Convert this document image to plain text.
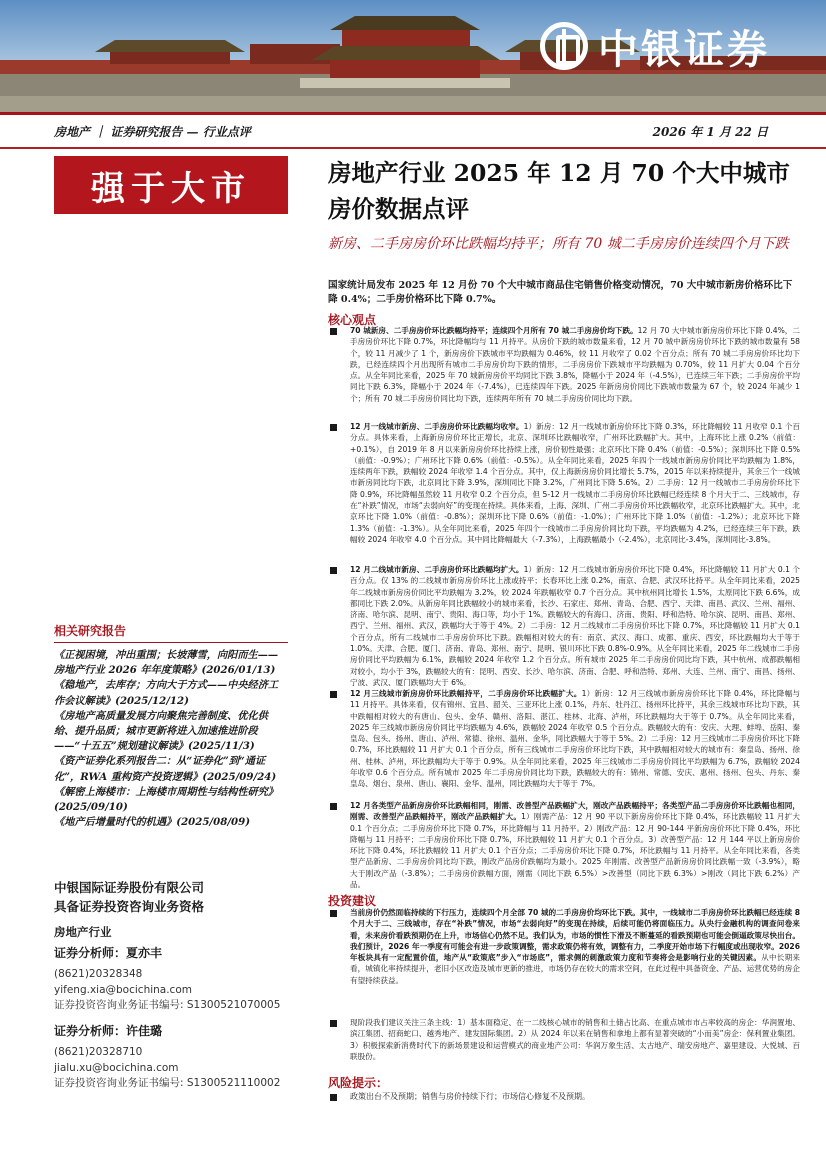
中银证券
房地产 ｜ 证券研究报告 — 行业点评	2026 年 1 月 22 日
强于大市
相关研究报告
《正视困境，冲出重围；长坡薄雪，向阳而生——房地产行业 2026 年年度策略》(2026/01/13)
《稳地产，去库存；方向大于方式——中央经济工作会议解读》(2025/12/12)
《房地产高质量发展方向聚焦完善制度、优化供给、提升品质；城市更新将进入加速推进阶段——“十五五”规划建议解读》(2025/11/3)
《资产证券化系列报告二：从“证券化”到“通证化”，RWA 重构资产投资逻辑》(2025/09/24)
《解密上海楼市：上海楼市周期性与结构性研究》(2025/09/10)
《地产后增量时代的机遇》(2025/08/09)
中银国际证券股份有限公司
具备证券投资咨询业务资格
房地产行业
证券分析师：夏亦丰
(8621)20328348
yifeng.xia@bocichina.com
证券投资咨询业务证书编号: S1300521070005
证券分析师：许佳璐
(8621)20328710
jialu.xu@bocichina.com
证券投资咨询业务证书编号: S1300521110002
房地产行业 2025 年 12 月 70 个大中城市房价数据点评
新房、二手房房价环比跌幅均持平；所有 70 城二手房房价连续四个月下跌
国家统计局发布 2025 年 12 月份 70 个大中城市商品住宅销售价格变动情况，70 大中城市新房价格环比下降 0.4%；二手房价格环比下降 0.7%。
核心观点

70 城新房、二手房房价环比跌幅均持平；连续四个月所有 70 城二手房房价均下跌。12 月 70 大中城市新房房价环比下降 0.4%，二手房房价环比下降 0.7%，环比降幅均与 11 月持平。从房价下跌的城市数量来看，12 月 70 城中新房房价环比下跌的城市数量有 58 个，较 11 月减少了 1 个，新房房价下跌城市平均跌幅为 0.46%，较 11 月收窄了 0.02 个百分点；所有 70 城二手房房价环比均下跌，已经连续四个月出现所有城市二手房房价均下跌的情形，二手房房价下跌城市平均跌幅为 0.70%，较 11 月扩大 0.04 个百分点。从全年同比来看，2025 年 70 城新房房价平均同比下跌 3.8%，降幅小于 2024 年（-4.5%），已连续三年下跌；二手房房价平均同比下跌 6.3%，降幅小于 2024 年（-7.4%），已连续四年下跌。2025 年新房房价同比下跌城市数量为 67 个，较 2024 年减少 1 个；所有 70 城二手房房价同比均下跌，连续两年所有 70 城二手房房价同比均下跌。

12 月一线城市新房、二手房房价环比跌幅均收窄。1）新房：12 月一线城市新房价环比下降 0.3%，环比降幅较 11 月收窄 0.1 个百分点。具体来看，上海新房房价环比正增长，北京、深圳环比跌幅收窄，广州环比跌幅扩大。其中，上海环比上涨 0.2%（前值：+0.1%），自 2019 年 8 月以来新房房价环比持续上涨，房价韧性最强；北京环比下降 0.4%（前值：-0.5%）；深圳环比下降 0.5%（前值：-0.9%）；广州环比下降 0.6%（前值：-0.5%）。从全年同比来看，2025 年四个一线城市新房房价同比平均跌幅为 1.8%，连续两年下跌，跌幅较 2024 年收窄 1.4 个百分点。其中，仅上海新房房价同比增长 5.7%，2015 年以来持续提升，其余三个一线城市新房同比均下跌，北京同比下降 3.9%，深圳同比下降 3.2%，广州同比下降 5.6%。2）二手房：12 月一线城市二手房房价环比下降 0.9%，环比降幅虽然较 11 月收窄 0.2 个百分点，但 5-12 月一线城市二手房房价环比跌幅已经连续 8 个月大于二、三线城市，存在“补跌”情况，市场“去弱向好”的变现在持续。具体来看，上海、深圳、广州二手房房价环比跌幅收窄，北京环比跌幅扩大。其中，北京环比下降 1.0%（前值：-0.8%）；深圳环比下降 0.6%（前值：-1.0%）；广州环比下降 1.0%（前值：-1.2%）；北京环比下降 1.3%（前值：-1.3%）。从全年同比来看，2025 年四个一线城市二手房房价同比均下跌，平均跌幅为 4.2%，已经连续三年下跌，跌幅较 2024 年收窄 4.0 个百分点。其中同比降幅最大（-7.3%），上海跌幅最小（-2.4%），北京同比-3.4%，深圳同比-3.8%。

12 月二线城市新房、二手房房价环比跌幅均扩大。1）新房：12 月二线城市新房房价环比下降 0.4%，环比降幅较 11 月扩大 0.1 个百分点。仅 13% 的二线城市新房房价环比上涨或持平；长春环比上涨 0.2%，南京、合肥、武汉环比持平。从全年同比来看，2025 年二线城市新房房价同比平均跌幅为 3.2%，较 2024 年跌幅收窄 0.7 个百分点。其中杭州同比增长 1.5%，太原同比下跌 6.6%，成都同比下跌 2.0%。从新房年同比跌幅较小的城市来看，长沙、石家庄、郑州、青岛、合肥、西宁、天津、南昌、武汉、兰州、福州、济南、哈尔滨、昆明、南宁、贵阳、海口等，均小于 1%。跌幅较大的有海口、济南、贵阳、呼和浩特、哈尔滨、昆明、南昌、郑州、西宁、兰州、福州、武汉，跌幅均大于等于 4%。2）二手房：12 月二线城市二手房房价环比下降 0.7%，环比降幅较 11 月扩大 0.1 个百分点，所有二线城市二手房房价环比下跌。跌幅相对较大的有：南京、武汉、海口、成都、重庆、西安，环比跌幅均大于等于 1.0%。天津、合肥、厦门、济南、青岛、郑州、南宁、昆明、银川环比下跌 0.8%-0.9%。从全年同比来看，2025 年二线城市二手房房价同比平均跌幅为 6.1%，跌幅较 2024 年收窄 1.2 个百分点。所有城市 2025 年二手房房价同比均下跌，其中杭州、成都跌幅相对较小，均小于 3%，跌幅较大的有：昆明、西安、长沙、哈尔滨、济南、合肥、呼和浩特、郑州、大连、兰州、南宁、南昌、扬州、宁波、武汉、厦门跌幅均大于 6%。

12 月三线城市新房房价环比跌幅持平，二手房房价环比跌幅扩大。1）新房：12 月三线城市新房房价环比下降 0.4%，环比降幅与 11 月持平。具体来看，仅有锦州、宜昌、韶关、三亚环比上涨 0.1%，丹东、牡丹江、扬州环比持平，其余三线城市环比均下跌，其中跌幅相对较大的有唐山、包头、金华、赣州、洛阳、湛江、桂林、北海、泸州，环比跌幅均大于等于 0.7%。从全年同比来看，2025 年三线城市新房房价同比平均跌幅为 4.6%，跌幅较 2024 年收窄 0.5 个百分点。跌幅较大的有：安庆、大理、蚌埠、岳阳、秦皇岛、包头、扬州、唐山、泸州、常德、徐州、温州、金华，同比跌幅大于等于 5%。2）二手房：12 月三线城市二手房房价环比下降 0.7%，环比跌幅较 11 月扩大 0.1 个百分点，所有三线城市二手房房价环比均下跌，其中跌幅相对较大的城市有：秦皇岛、扬州、徐州、桂林、泸州，环比跌幅均大于等于 0.9%。从全年同比来看，2025 年三线城市二手房房价同比平均跌幅为 6.7%，跌幅较 2024 年收窄 0.6 个百分点。所有城市 2025 年二手房房价同比均下跌，跌幅较大的有：锦州、常德、安庆、惠州、扬州、包头、丹东、秦皇岛、烟台、泉州、唐山、襄阳、金华、温州，同比跌幅均大于等于 7%。

12 月各类型产品新房房价环比跌幅相同，刚需、改善型产品跌幅扩大，刚改产品跌幅持平；各类型产品二手房房价环比跌幅也相同，刚需、改善型产品跌幅持平，刚改产品跌幅扩大。1）刚需产品：12 月 90 平以下新房房价环比下降 0.4%，环比跌幅较 11 月扩大 0.1 个百分点；二手房房价环比下降 0.7%，环比降幅与 11 月持平。2）刚改产品：12 月 90-144 平新房房价环比下降 0.4%，环比降幅与 11 月持平；二手房房价环比下降 0.7%，环比跌幅较 11 月扩大 0.1 个百分点。3）改善型产品：12 月 144 平以上新房房价环比下降 0.4%，环比跌幅较 11 月扩大 0.1 个百分点；二手房房价环比下降 0.7%，环比跌幅与 11 月持平。从全年同比来看，各类型产品新房、二手房房价同比均下跌，刚改产品房价跌幅均为最小。2025 年刚需、改善型产品新房房价同比跌幅一致（-3.9%），略大于刚改产品（-3.8%）；二手房房价跌幅方面，刚需（同比下跌 6.5%）>改善型（同比下跌 6.3%）>刚改（同比下跌 6.2%）产品。

投资建议

当前房价仍然面临持续的下行压力，连续四个月全部 70 城的二手房房价均环比下跌。其中，一线城市二手房房价环比跌幅已经连续 8 个月大于二、三线城市，存在“补跌”情况，市场“去弱向好”的变现在持续，后续可能仍将面临压力。从央行金融机构的调查问卷来看，未来房价看跌预期仍在上升，市场信心仍然不足。我们认为，市场的惯性下滑及不断蔓延的看跌预期也可能会倒逼政策尽快出台。我们预计，2026 年一季度有可能会有进一步政策调整，需求政策仍将有效，调整有力，二季度开始市场下行幅度或出现收窄。2026 年板块具有一定配置价值，地产从“政策底”步入“市场底”，需求侧的刺激政策力度和节奏将会是影响行业的关键因素。从中长期来看，城镇化率持续提升，老旧小区改造及城市更新的推进，市场仍存在较大的需求空间，在此过程中具备资金、产品、运营优势的房企有望持续获益。

现阶段我们建议关注三条主线：1）基本面稳定、在一二线核心城市的销售和土储占比高、在重点城市市占率较高的房企：华润置地、滨江集团、招商蛇口、越秀地产、建发国际集团。2）从 2024 年以来在销售和拿地上都有显著突破的“小而美”房企：保利置业集团。3）积极探索新消费时代下的新场景建设和运营模式的商业地产公司：华润万象生活、太古地产、瑞安房地产、嘉里建设、大悦城、百联股份。

风险提示：

政策出台不及预期；销售与房价持续下行；市场信心修复不及预期。
